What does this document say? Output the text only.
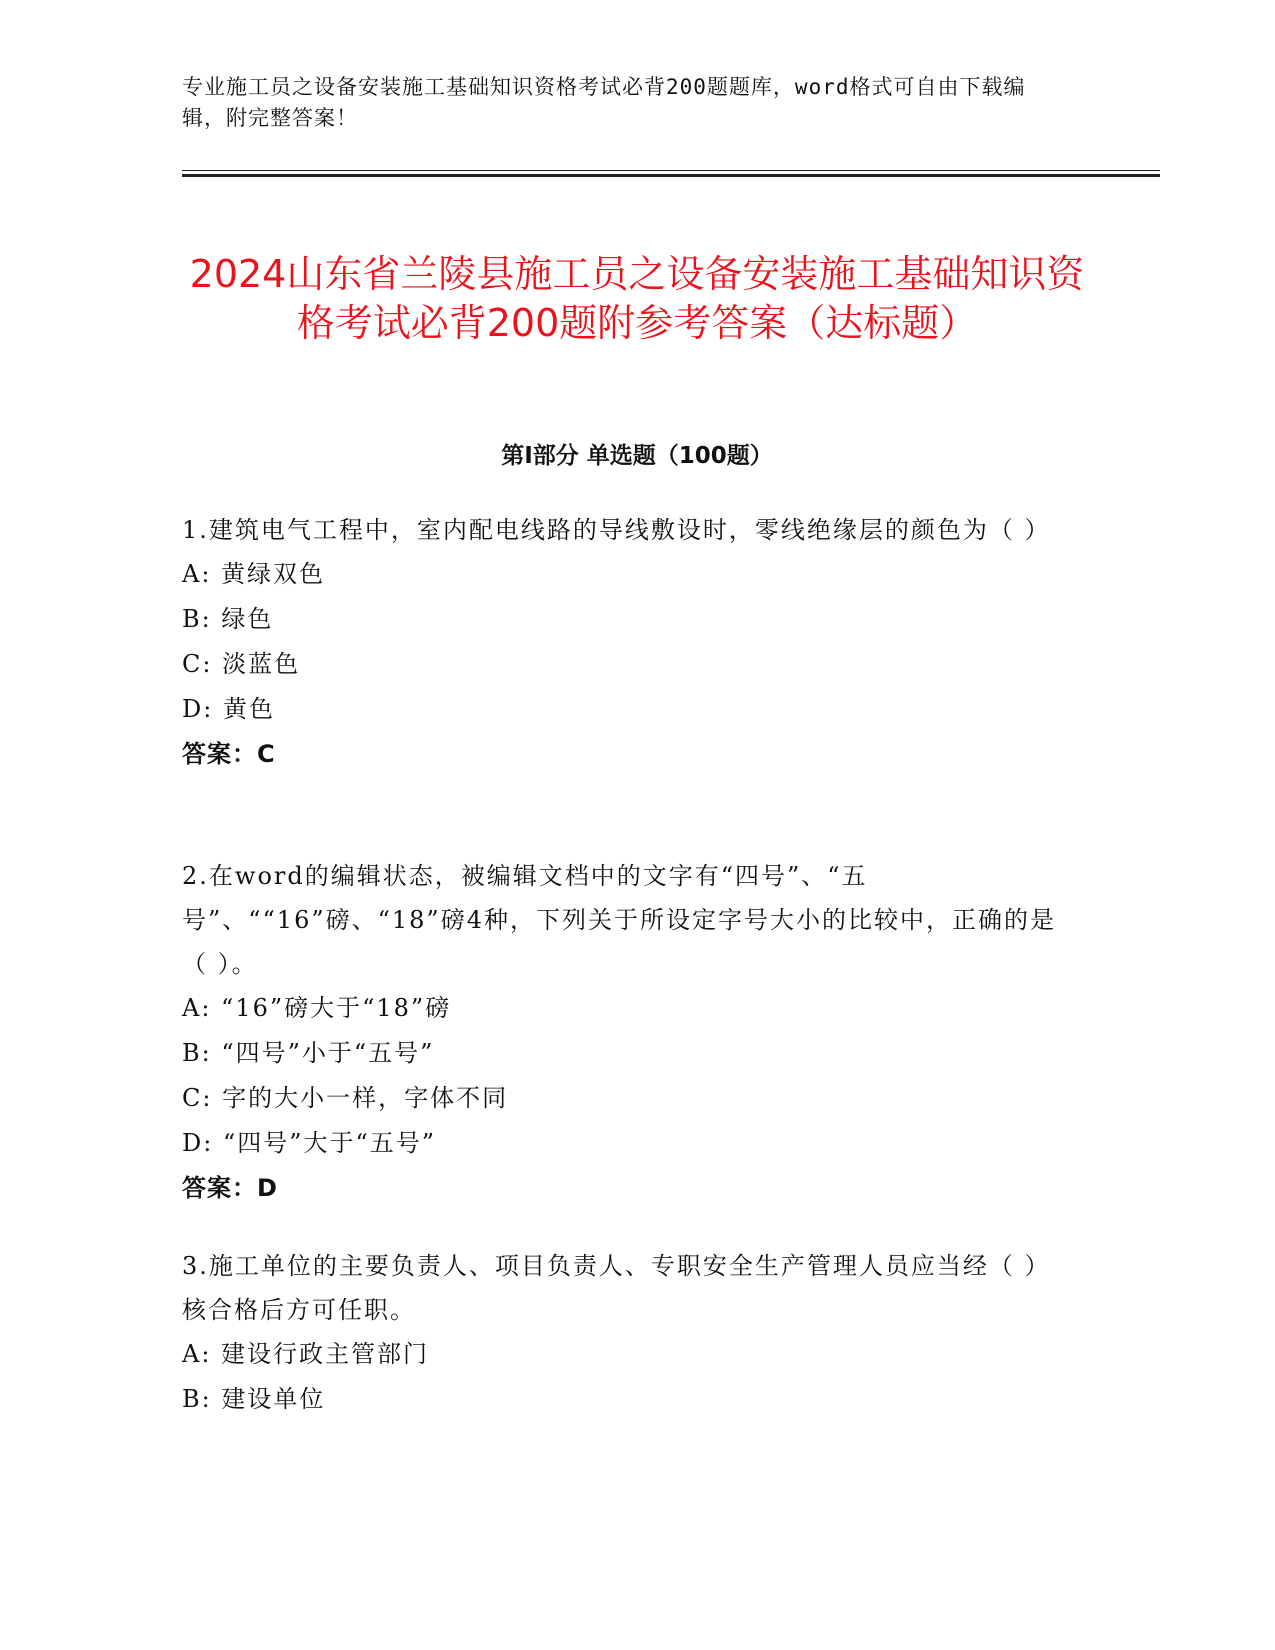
专业施工员之设备安装施工基础知识资格考试必背200题题库，word格式可自由下载编辑，附完整答案！
2024山东省兰陵县施工员之设备安装施工基础知识资格考试必背200题附参考答案（达标题）
第I部分 单选题（100题）
1.建筑电气工程中，室内配电线路的导线敷设时，零线绝缘层的颜色为（ ）
A: 黄绿双色
B: 绿色
C: 淡蓝色
D: 黄色
答案：C
2.在word的编辑状态，被编辑文档中的文字有“四号”、“五号”、““16”磅、“18”磅4种，下列关于所设定字号大小的比较中，正确的是（ ）。
A: “16”磅大于“18”磅
B: “四号”小于“五号”
C: 字的大小一样，字体不同
D: “四号”大于“五号”
答案：D
3.施工单位的主要负责人、项目负责人、专职安全生产管理人员应当经（ ）核合格后方可任职。
A: 建设行政主管部门
B: 建设单位
